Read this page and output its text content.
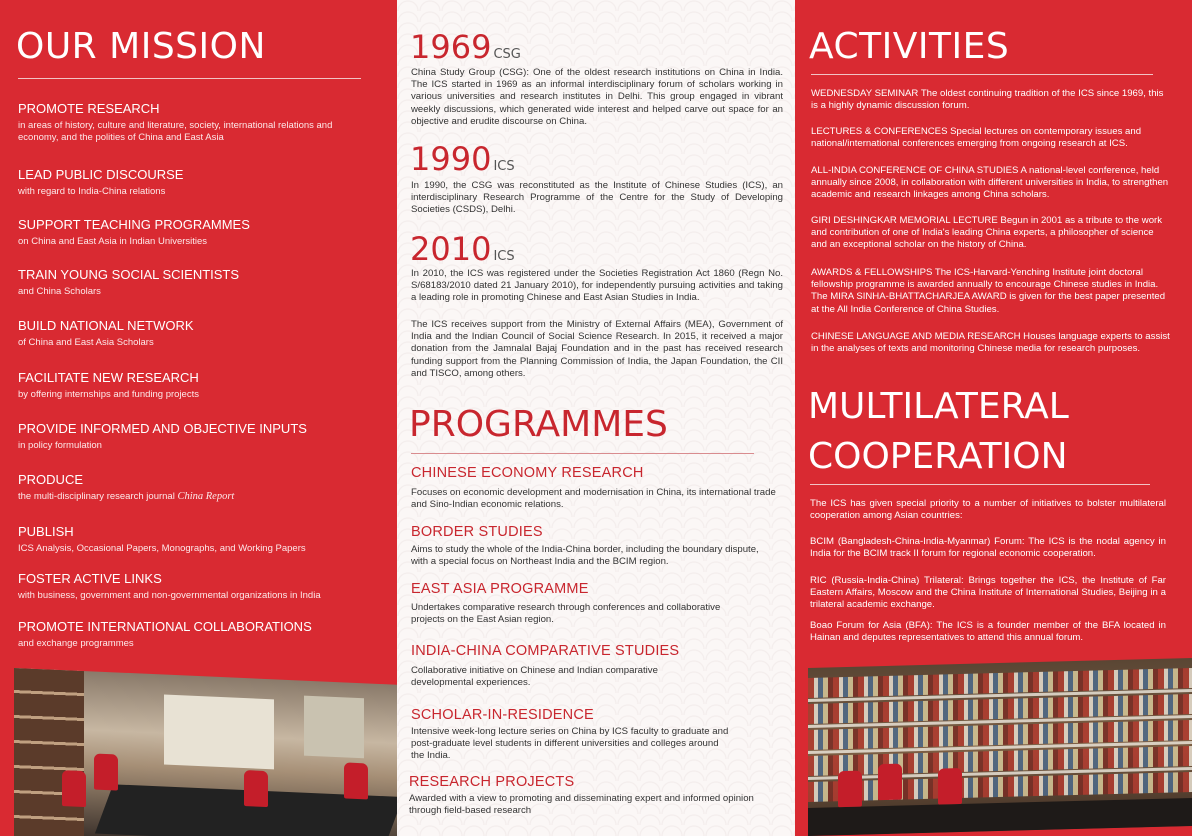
OUR MISSION
PROMOTE RESEARCH
in areas of history, culture and literature, society, international relations and economy, and the polities of China and East Asia
LEAD PUBLIC DISCOURSE
with regard to India-China relations
SUPPORT TEACHING PROGRAMMES
on China and East Asia in Indian Universities
TRAIN YOUNG SOCIAL SCIENTISTS
and China Scholars
BUILD NATIONAL NETWORK
of China and East Asia Scholars
FACILITATE NEW RESEARCH
by offering internships and funding projects
PROVIDE INFORMED AND OBJECTIVE INPUTS
in policy formulation
PRODUCE
the multi-disciplinary research journal China Report
PUBLISH
ICS Analysis, Occasional Papers, Monographs, and Working Papers
FOSTER ACTIVE LINKS
with business, government and non-governmental organizations in India
PROMOTE INTERNATIONAL COLLABORATIONS
and exchange programmes
1969 CSG
China Study Group (CSG): One of the oldest research institutions on China in India. The ICS started in 1969 as an informal interdisciplinary forum of scholars working in various universities and research institutes in Delhi. This group engaged in vibrant weekly discussions, which generated wide interest and helped carve out space for an objective and erudite discourse on China.
1990 ICS
In 1990, the CSG was reconstituted as the Institute of Chinese Studies (ICS), an interdisciplinary Research Programme of the Centre for the Study of Developing Societies (CSDS), Delhi.
2010 ICS
In 2010, the ICS was registered under the Societies Registration Act 1860 (Regn No. S/68183/2010 dated 21 January 2010), for independently pursuing activities and taking a leading role in promoting Chinese and East Asian Studies in India.
The ICS receives support from the Ministry of External Affairs (MEA), Government of India and the Indian Council of Social Science Research. In 2015, it received a major donation from the Jamnalal Bajaj Foundation and in the past has received research funding support from the Planning Commission of India, the Japan Foundation, the CII and TISCO, among others.
PROGRAMMES
CHINESE ECONOMY RESEARCH
Focuses on economic development and modernisation in China, its international trade and Sino-Indian economic relations.
BORDER STUDIES
Aims to study the whole of the India-China border, including the boundary dispute, with a special focus on Northeast India and the BCIM region.
EAST ASIA PROGRAMME
Undertakes comparative research through conferences and collaborative projects on the East Asian region.
INDIA-CHINA COMPARATIVE STUDIES
Collaborative initiative on Chinese and Indian comparative developmental experiences.
SCHOLAR-IN-RESIDENCE
Intensive week-long lecture series on China by ICS faculty to graduate and post-graduate level students in different universities and colleges around the India.
RESEARCH PROJECTS
Awarded with a view to promoting and disseminating expert and informed opinion through field-based research
ACTIVITIES
WEDNESDAY SEMINAR The oldest continuing tradition of the ICS since 1969, this is a highly dynamic discussion forum.
LECTURES & CONFERENCES Special lectures on contemporary issues and national/international conferences emerging from ongoing research at ICS.
ALL-INDIA CONFERENCE OF CHINA STUDIES A national-level conference, held annually since 2008, in collaboration with different universities in India, to strengthen academic and research linkages among China scholars.
GIRI DESHINGKAR MEMORIAL LECTURE Begun in 2001 as a tribute to the work and contribution of one of India's leading China experts, a philosopher of science and an exceptional scholar on the history of China.
AWARDS & FELLOWSHIPS The ICS-Harvard-Yenching Institute joint doctoral fellowship programme is awarded annually to encourage Chinese studies in India. The MIRA SINHA-BHATTACHARJEA AWARD is given for the best paper presented at the All India Conference of China Studies.
CHINESE LANGUAGE AND MEDIA RESEARCH Houses language experts to assist in the analyses of texts and monitoring Chinese media for research purposes.
MULTILATERAL
COOPERATION
The ICS has given special priority to a number of initiatives to bolster multilateral cooperation among Asian countries:
BCIM (Bangladesh-China-India-Myanmar) Forum: The ICS is the nodal agency in India for the BCIM track II forum for regional economic cooperation.
RIC (Russia-India-China) Trilateral: Brings together the ICS, the Institute of Far Eastern Affairs, Moscow and the China Institute of International Studies, Beijing in a trilateral academic exchange.
Boao Forum for Asia (BFA): The ICS is a founder member of the BFA located in Hainan and deputes representatives to attend this annual forum.
